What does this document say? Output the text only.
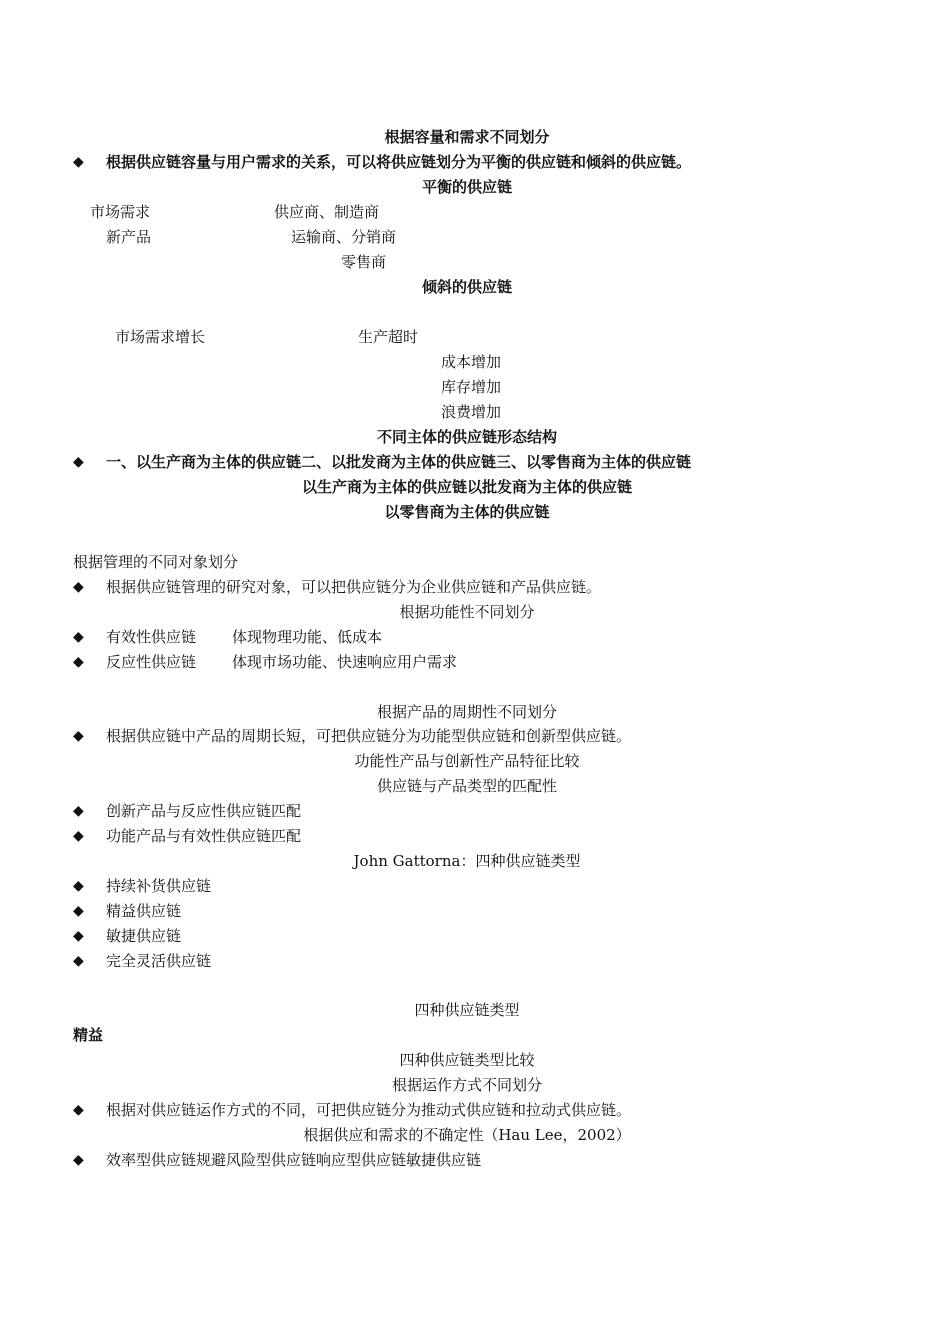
根据容量和需求不同划分
◆ 根据供应链容量与用户需求的关系，可以将供应链划分为平衡的供应链和倾斜的供应链。
平衡的供应链
市场需求	供应商、制造商
新产品	运输商、分销商
零售商
倾斜的供应链
市场需求增长	生产超时
成本增加
库存增加
浪费增加
不同主体的供应链形态结构
◆ 一、以生产商为主体的供应链二、以批发商为主体的供应链三、以零售商为主体的供应链
以生产商为主体的供应链以批发商为主体的供应链
以零售商为主体的供应链
根据管理的不同对象划分
◆ 根据供应链管理的研究对象，可以把供应链分为企业供应链和产品供应链。
根据功能性不同划分
◆ 有效性供应链 体现物理功能、低成本
◆ 反应性供应链 体现市场功能、快速响应用户需求
根据产品的周期性不同划分
◆ 根据供应链中产品的周期长短，可把供应链分为功能型供应链和创新型供应链。
功能性产品与创新性产品特征比较
供应链与产品类型的匹配性
◆ 创新产品与反应性供应链匹配
◆ 功能产品与有效性供应链匹配
John Gattorna：四种供应链类型
◆ 持续补货供应链
◆ 精益供应链
◆ 敏捷供应链
◆ 完全灵活供应链
四种供应链类型
精益
四种供应链类型比较
根据运作方式不同划分
◆ 根据对供应链运作方式的不同，可把供应链分为推动式供应链和拉动式供应链。
根据供应和需求的不确定性（Hau Lee，2002）
◆ 效率型供应链规避风险型供应链响应型供应链敏捷供应链
